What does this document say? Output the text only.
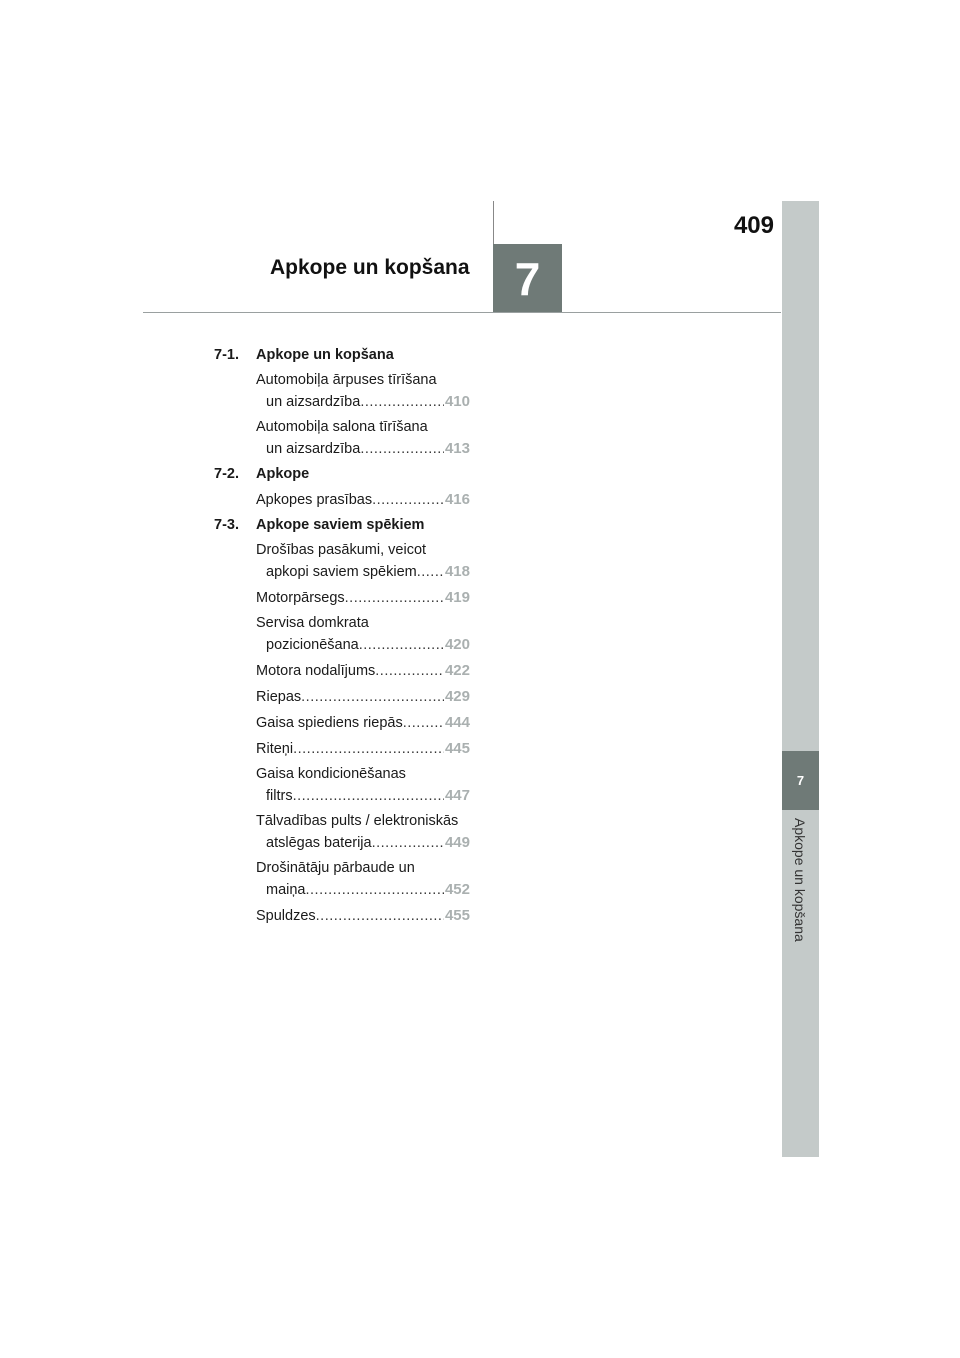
409
Apkope un kopšana 7
7
Apkope un kopšana
7-1.	Apkope un kopšana
Automobiļa ārpuses tīrīšana
un aizsardzība .....	410
Automobiļa salona tīrīšana
un aizsardzība .....	413
7-2.	Apkope
Apkopes prasības .....	416
7-3.	Apkope saviem spēkiem
Drošības pasākumi, veicot
apkopi saviem spēkiem ..... 418
Motorpārsegs .....	419
Servisa domkrata
pozicionēšana .....	420
Motora nodalījums .....	422
Riepas .....	429
Gaisa spiediens riepās .....	444
Riteņi .....	445
Gaisa kondicionēšanas
filtrs .....	447
Tālvadības pults / elektroniskās
atslēgas baterija .....	449
Drošinātāju pārbaude un
maiņa .....	452
Spuldzes .....	455
